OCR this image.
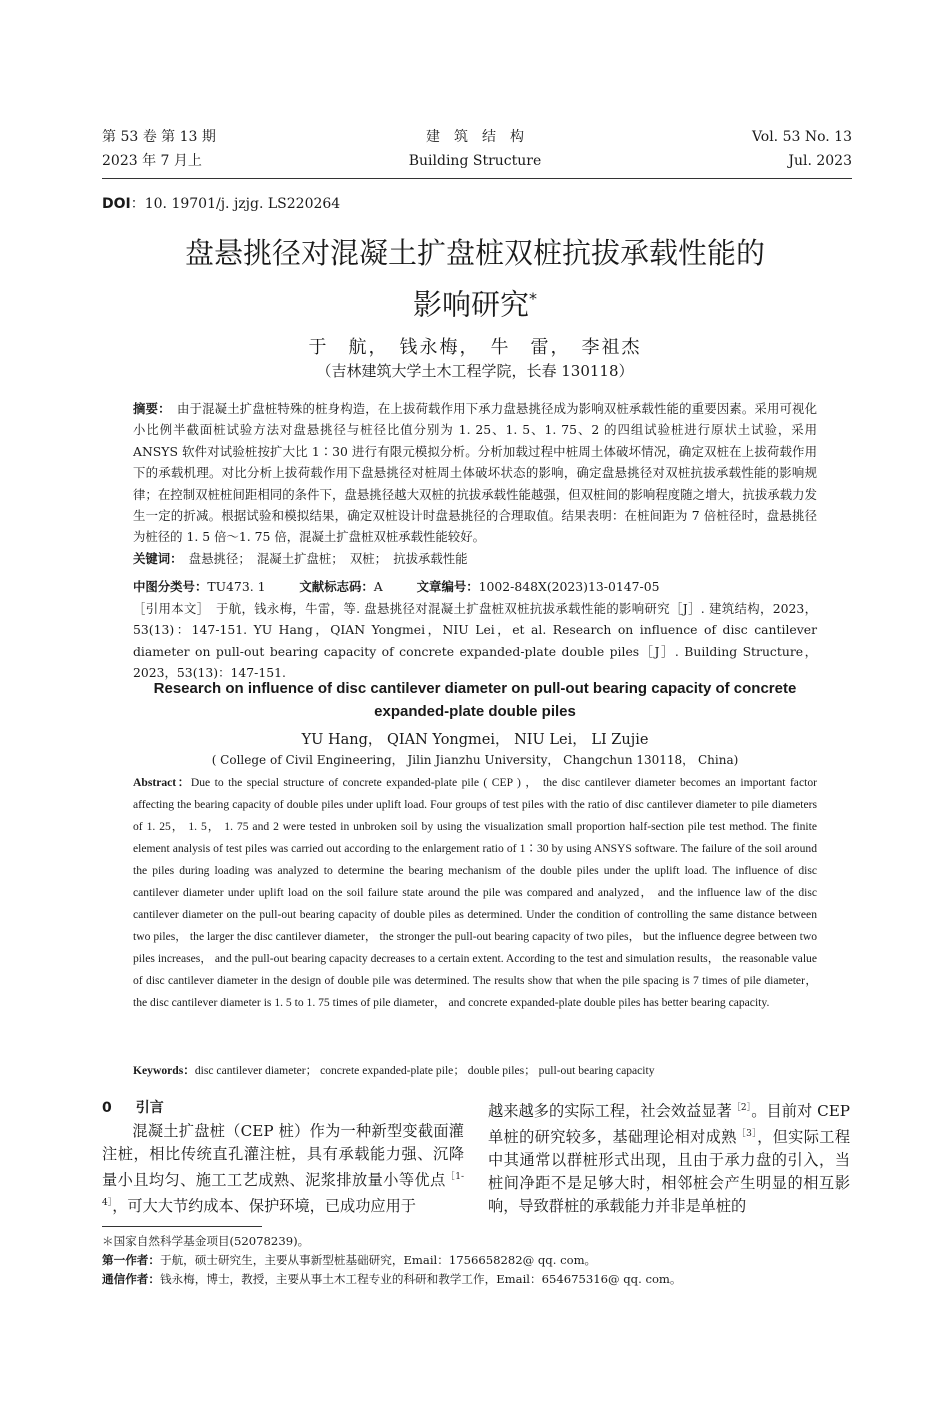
第 53 卷 第 13 期
2023 年 7 月上
建　筑　结　构
Building Structure
Vol. 53 No. 13
Jul. 2023
DOI：10. 19701/j. jzjg. LS220264
盘悬挑径对混凝土扩盘桩双桩抗拔承载性能的
影响研究*
于　航，　钱永梅，　牛　雷，　李祖杰
（吉林建筑大学土木工程学院，长春 130118）
摘要：　由于混凝土扩盘桩特殊的桩身构造，在上拔荷载作用下承力盘悬挑径成为影响双桩承载性能的重要因素。采用可视化小比例半截面桩试验方法对盘悬挑径与桩径比值分别为 1. 25、1. 5、1. 75、2 的四组试验桩进行原状土试验，采用 ANSYS 软件对试验桩按扩大比 1∶30 进行有限元模拟分析。分析加载过程中桩周土体破坏情况，确定双桩在上拔荷载作用下的承载机理。对比分析上拔荷载作用下盘悬挑径对桩周土体破坏状态的影响，确定盘悬挑径对双桩抗拔承载性能的影响规律；在控制双桩桩间距相同的条件下，盘悬挑径越大双桩的抗拔承载性能越强，但双桩间的影响程度随之增大，抗拔承载力发生一定的折减。根据试验和模拟结果，确定双桩设计时盘悬挑径的合理取值。结果表明：在桩间距为 7 倍桩径时，盘悬挑径为桩径的 1. 5 倍～1. 75 倍，混凝土扩盘桩双桩承载性能较好。
关键词：　盘悬挑径；　混凝土扩盘桩；　双桩；　抗拔承载性能
中图分类号：TU473. 1	文献标志码：A	文章编号：1002-848X(2023)13-0147-05
［引用本文］　于航，钱永梅，牛雷，等. 盘悬挑径对混凝土扩盘桩双桩抗拔承载性能的影响研究［J］. 建筑结构，2023，53(13)：147-151. YU Hang，QIAN Yongmei，NIU Lei，et al. Research on influence of disc cantilever diameter on pull-out bearing capacity of concrete expanded-plate double piles［J］. Building Structure，2023，53(13)：147-151.
Research on influence of disc cantilever diameter on pull-out bearing capacity of concrete expanded-plate double piles
YU Hang， QIAN Yongmei， NIU Lei， LI Zujie
( College of Civil Engineering， Jilin Jianzhu University， Changchun 130118， China)
Abstract：Due to the special structure of concrete expanded-plate pile ( CEP ) ， the disc cantilever diameter becomes an important factor affecting the bearing capacity of double piles under uplift load. Four groups of test piles with the ratio of disc cantilever diameter to pile diameters of 1. 25， 1. 5， 1. 75 and 2 were tested in unbroken soil by using the visualization small proportion half-section pile test method. The finite element analysis of test piles was carried out according to the enlargement ratio of 1∶30 by using ANSYS software. The failure of the soil around the piles during loading was analyzed to determine the bearing mechanism of the double piles under the uplift load. The influence of disc cantilever diameter under uplift load on the soil failure state around the pile was compared and analyzed， and the influence law of the disc cantilever diameter on the pull-out bearing capacity of double piles as determined. Under the condition of controlling the same distance between two piles， the larger the disc cantilever diameter， the stronger the pull-out bearing capacity of two piles， but the influence degree between two piles increases， and the pull-out bearing capacity decreases to a certain extent. According to the test and simulation results， the reasonable value of disc cantilever diameter in the design of double pile was determined. The results show that when the pile spacing is 7 times of pile diameter， the disc cantilever diameter is 1. 5 to 1. 75 times of pile diameter， and concrete expanded-plate double piles has better bearing capacity.
Keywords：disc cantilever diameter； concrete expanded-plate pile； double piles； pull-out bearing capacity
0 引言
混凝土扩盘桩（CEP 桩）作为一种新型变截面灌注桩，相比传统直孔灌注桩，具有承载能力强、沉降量小且均匀、施工工艺成熟、泥浆排放量小等优点$^{[1-4]}$，可大大节约成本、保护环境，已成功应用于
越来越多的实际工程，社会效益显著$^{[2]}$。目前对 CEP 单桩的研究较多，基础理论相对成熟$^{[3]}$，但实际工程中其通常以群桩形式出现，且由于承力盘的引入，当桩间净距不是足够大时，相邻桩会产生明显的相互影响，导致群桩的承载能力并非是单桩的
＊国家自然科学基金项目(52078239)。
第一作者：于航，硕士研究生，主要从事新型桩基础研究，Email：1756658282@ qq. com。
通信作者：钱永梅，博士，教授，主要从事土木工程专业的科研和教学工作，Email：654675316@ qq. com。
